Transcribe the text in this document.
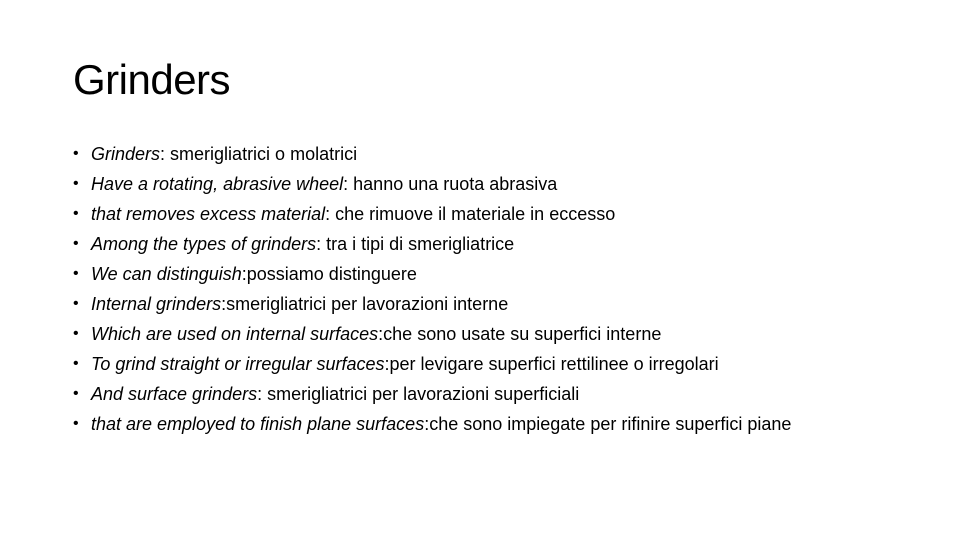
Grinders
• Grinders: smerigliatrici o molatrici
• Have a rotating, abrasive wheel: hanno una ruota abrasiva
• that removes excess material: che rimuove il materiale in eccesso
• Among the types of grinders: tra i tipi di smerigliatrice
• We can distinguish:possiamo distinguere
• Internal grinders:smerigliatrici per lavorazioni interne
• Which are used on internal surfaces:che sono usate su superfici interne
• To grind straight or irregular surfaces:per levigare superfici rettilinee o irregolari
• And surface grinders: smerigliatrici per lavorazioni superficiali
• that are employed to finish plane surfaces:che sono impiegate per rifinire superfici piane
